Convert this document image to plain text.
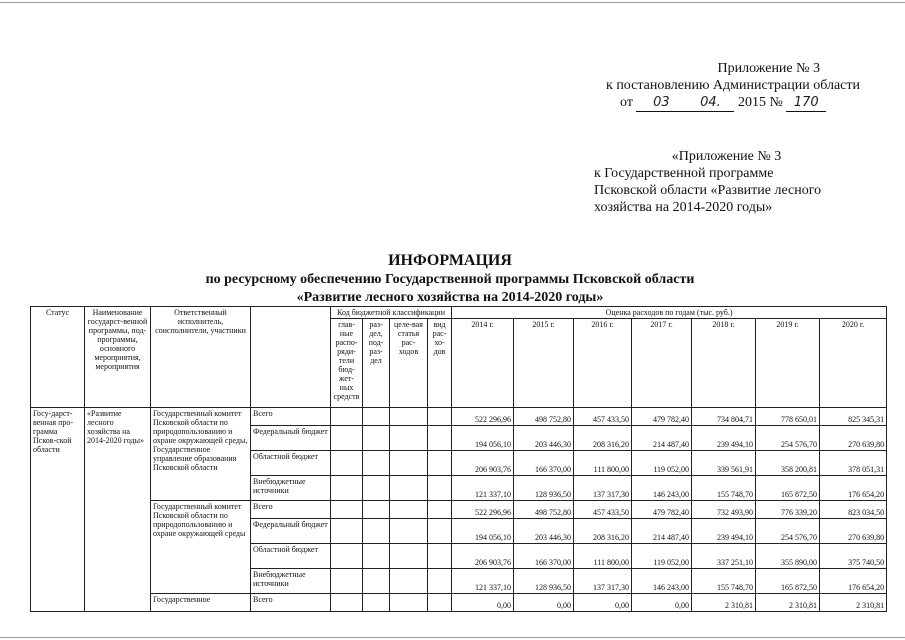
Приложение № 3
к постановлению Администрации области
от 03 04. 2015 № 170
«Приложение № 3
к Государственной программе
Псковской области «Развитие лесного
хозяйства на 2014-2020 годы»
ИНФОРМАЦИЯ
по ресурсному обеспечению Государственной программы Псковской области
«Развитие лесного хозяйства на 2014-2020 годы»
Статус	Наименование государст-венной программы, под-программы, основного мероприятия, мероприятия	Ответственный исполнитель, соисполнители, участники		Код бюджетной классификации				Оценка расходов по годам (тыс. руб.)						
				глав-ные распо-ряди-тели бюд-жет-ных средств	раз-дел, под-раз-дел	целе-вая статья рас-ходов	вид рас-хо-дов	2014 г.	2015 г.	2016 г.	2017 г.	2018 г.	2019 г.	2020 г.
Госу-дарст-венная про-грамма Псков-ской области	«Развитие лесного хозяйства на 2014-2020 годы»	Государственный комитет Псковской области по природопользованию и охране окружающей среды, Государственное управление образования Псковской области	Всего					522 296,96	498 752,80	457 433,50	479 782,40	734 804,71	778 650,01	825 345,31
			Федеральный бюджет					194 056,10	203 446,30	208 316,20	214 487,40	239 494,10	254 576,70	270 639,80
			Областной бюджет					206 903,76	166 370,00	111 800,00	119 052,00	339 561,91	358 200,81	378 051,31
			Внебюджетные источники					121 337,10	128 936,50	137 317,30	146 243,00	155 748,70	165 872,50	176 654,20
		Государственный комитет Псковской области по природопользованию и охране окружающей среды	Всего					522 296,96	498 752,80	457 433,50	479 782,40	732 493,90	776 339,20	823 034,50
			Федеральный бюджет					194 056,10	203 446,30	208 316,20	214 487,40	239 494,10	254 576,70	270 639,80
			Областной бюджет					206 903,76	166 370,00	111 800,00	119 052,00	337 251,10	355 890,00	375 740,50
			Внебюджетные источники					121 337,10	128 936,50	137 317,30	146 243,00	155 748,70	165 872,50	176 654,20
		Государственное	Всего					0,00	0,00	0,00	0,00	2 310,81	2 310,81	2 310,81
